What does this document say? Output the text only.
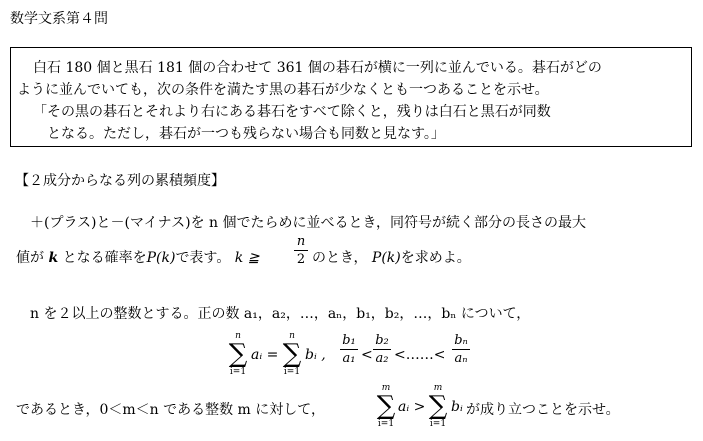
数学文系第４問
白石 180 個と黒石 181 個の合わせて 361 個の碁石が横に一列に並んでいる。碁石がどの
ように並んでいても，次の条件を満たす黒の碁石が少なくとも一つあることを示せ。
「その黒の碁石とそれより右にある碁石をすべて除くと，残りは白石と黒石が同数
となる。ただし，碁石が一つも残らない場合も同数と見なす。」
【２成分からなる列の累積頻度】
＋(プラス)と－(マイナス)を n 個でたらめに並べるとき，同符号が続く部分の長さの最大
値が k となる確率をP(k)で表す。 k ≧
n
2 のとき， P(k)を求めよ。
n を２以上の整数とする。正の数 a₁，a₂，…，aₙ，b₁，b₂，…，bₙ について，
n
∑
i=1
aᵢ =
n
∑
i=1
bᵢ ,
b₁
a₁ <
b₂
a₂ <……<
bₙ
aₙ
であるとき，0＜m＜n である整数 m に対して，
m
∑
i=1
aᵢ >
m
∑
i=1
bᵢ が成り立つことを示せ。
